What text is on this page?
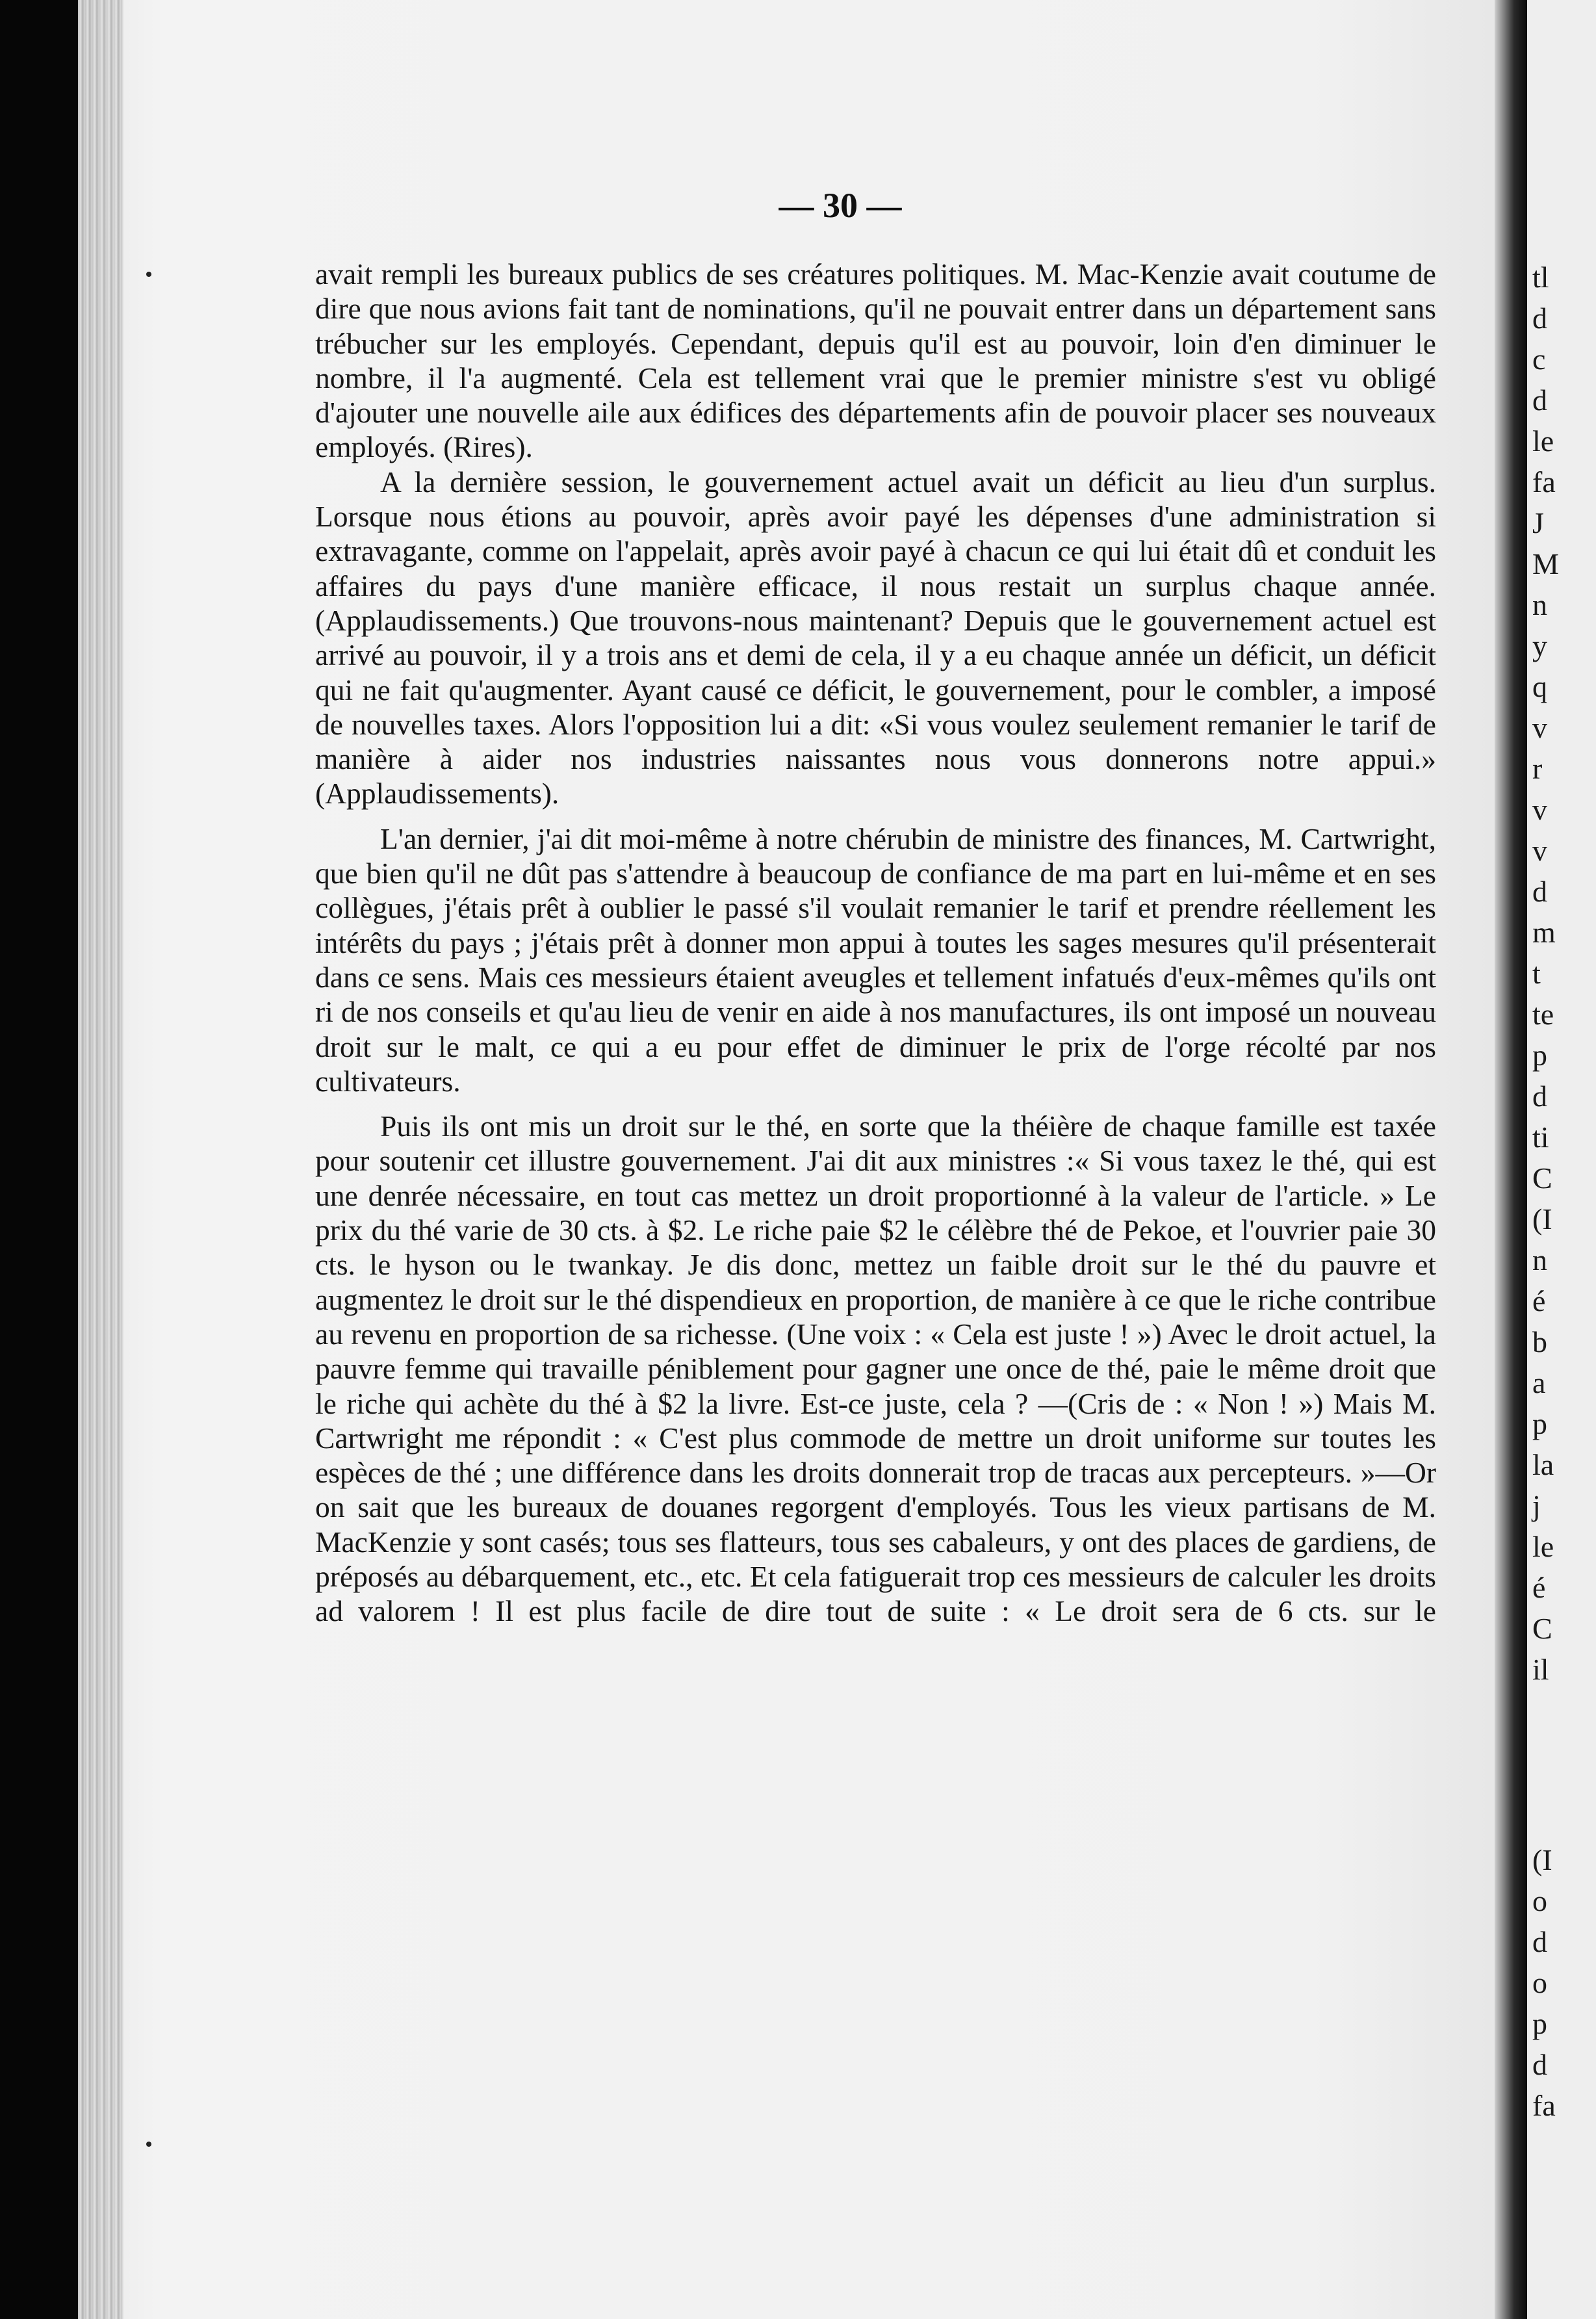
tl
d
c
d
le
fa
J
M
n
y
q
v
r
v
v
d
m
t
te
p
d
ti
C
(I
n
é
b
a
p
la
j
le
é
C
il
(I
o
d
o
p
d
fa
— 30 —

avait rempli les bureaux publics de ses créatures politiques. M. Mac-Kenzie avait coutume de dire que nous avions fait tant de nominations, qu'il ne pouvait entrer dans un département sans trébucher sur les employés. Cependant, depuis qu'il est au pouvoir, loin d'en diminuer le nombre, il l'a augmenté. Cela est tellement vrai que le premier ministre s'est vu obligé d'ajouter une nouvelle aile aux édifices des départements afin de pouvoir placer ses nouveaux employés. (Rires).

A la dernière session, le gouvernement actuel avait un déficit au lieu d'un surplus. Lorsque nous étions au pouvoir, après avoir payé les dépenses d'une administration si extravagante, comme on l'appelait, après avoir payé à chacun ce qui lui était dû et conduit les affaires du pays d'une manière efficace, il nous restait un surplus chaque année. (Applaudissements.) Que trouvons-nous maintenant? Depuis que le gouvernement actuel est arrivé au pouvoir, il y a trois ans et demi de cela, il y a eu chaque année un déficit, un déficit qui ne fait qu'augmenter. Ayant causé ce déficit, le gouvernement, pour le combler, a imposé de nouvelles taxes. Alors l'opposition lui a dit: «Si vous voulez seulement remanier le tarif de manière à aider nos industries naissantes nous vous donnerons notre appui.» (Applaudissements).

L'an dernier, j'ai dit moi-même à notre chérubin de ministre des finances, M. Cartwright, que bien qu'il ne dût pas s'attendre à beaucoup de confiance de ma part en lui-même et en ses collègues, j'étais prêt à oublier le passé s'il voulait remanier le tarif et prendre réellement les intérêts du pays ; j'étais prêt à donner mon appui à toutes les sages mesures qu'il présenterait dans ce sens. Mais ces messieurs étaient aveugles et tellement infatués d'eux-mêmes qu'ils ont ri de nos conseils et qu'au lieu de venir en aide à nos manufactures, ils ont imposé un nouveau droit sur le malt, ce qui a eu pour effet de diminuer le prix de l'orge récolté par nos cultivateurs.

Puis ils ont mis un droit sur le thé, en sorte que la théière de chaque famille est taxée pour soutenir cet illustre gouvernement. J'ai dit aux ministres :« Si vous taxez le thé, qui est une denrée nécessaire, en tout cas mettez un droit proportionné à la valeur de l'article. » Le prix du thé varie de 30 cts. à $2. Le riche paie $2 le célèbre thé de Pekoe, et l'ouvrier paie 30 cts. le hyson ou le twankay. Je dis donc, mettez un faible droit sur le thé du pauvre et augmentez le droit sur le thé dispendieux en proportion, de manière à ce que le riche contribue au revenu en proportion de sa richesse. (Une voix : « Cela est juste ! ») Avec le droit actuel, la pauvre femme qui travaille péniblement pour gagner une once de thé, paie le même droit que le riche qui achète du thé à $2 la livre. Est-ce juste, cela ? —(Cris de : « Non ! ») Mais M. Cartwright me répondit : « C'est plus commode de mettre un droit uniforme sur toutes les espèces de thé ; une différence dans les droits donnerait trop de tracas aux percepteurs. »—Or on sait que les bureaux de douanes regorgent d'employés. Tous les vieux partisans de M. MacKenzie y sont casés; tous ses flatteurs, tous ses cabaleurs, y ont des places de gardiens, de préposés au débarquement, etc., etc. Et cela fatiguerait trop ces messieurs de calculer les droits ad valorem ! Il est plus facile de dire tout de suite : « Le droit sera de 6 cts. sur le
